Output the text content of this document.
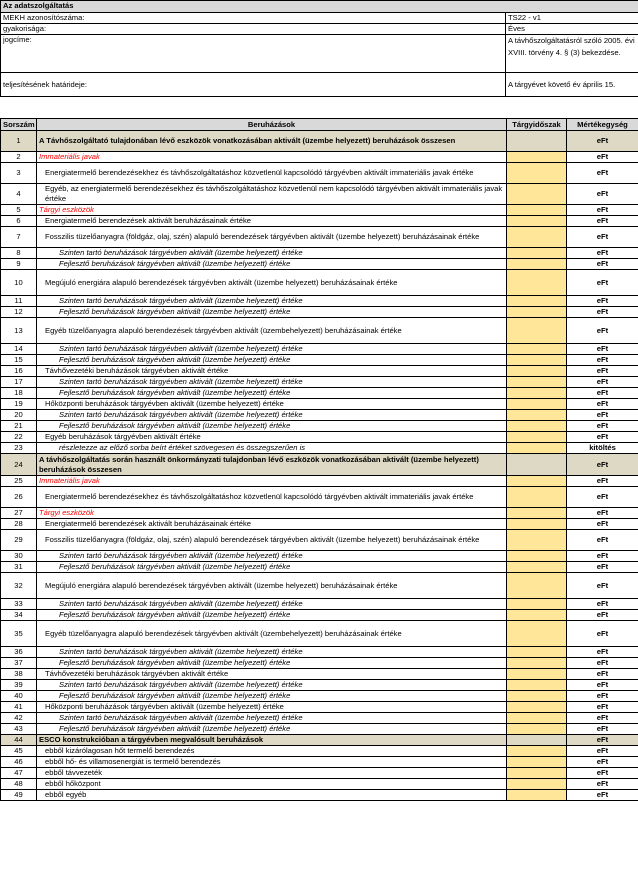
Az adatszolgáltatás	
MEKH azonosítószáma:	TS22 - v1
gyakorisága:	Éves
jogcíme:	A távhőszolgáltatásról szóló 2005. évi XVIII. törvény 4. § (3) bekezdése.
teljesítésének határideje:	A tárgyévet követő év április 15.
Sorszám	Beruházások	Tárgyidőszak	Mértékegység
1	A Távhőszolgáltató tulajdonában lévő eszközök vonatkozásában aktivált (üzembe helyezett) beruházások összesen		eFt
2	Immateriális javak		eFt
3	Energiatermelő berendezésekhez és távhőszolgáltatáshoz közvetlenül kapcsolódó tárgyévben aktivált immateriális javak értéke		eFt
4	Egyéb, az energiatermelő berendezésekhez és távhőszolgáltatáshoz közvetlenül nem kapcsolódó tárgyévben aktivált immateriális javak értéke		eFt
5	Tárgyi eszközök		eFt
6	Energiatermelő berendezések aktivált beruházásainak értéke		eFt
7	Fosszilis tüzelőanyagra (földgáz, olaj, szén) alapuló berendezések tárgyévben aktivált (üzembe helyezett) beruházásainak értéke		eFt
8	Szinten tartó beruházások tárgyévben aktivált (üzembe helyezett) értéke		eFt
9	Fejlesztő beruházások tárgyévben aktivált (üzembe helyezett) értéke		eFt
10	Megújuló energiára alapuló berendezések tárgyévben aktivált (üzembe helyezett) beruházásainak értéke		eFt
11	Szinten tartó beruházások tárgyévben aktivált (üzembe helyezett) értéke		eFt
12	Fejlesztő beruházások tárgyévben aktivált (üzembe helyezett) értéke		eFt
13	Egyéb tüzelőanyagra alapuló berendezések tárgyévben aktivált (üzembehelyezett) beruházásainak értéke		eFt
14	Szinten tartó beruházások tárgyévben aktivált (üzembe helyezett) értéke		eFt
15	Fejlesztő beruházások tárgyévben aktivált (üzembe helyezett) értéke		eFt
16	Távhővezetéki beruházások tárgyévben aktivált értéke		eFt
17	Szinten tartó beruházások tárgyévben aktivált (üzembe helyezett) értéke		eFt
18	Fejlesztő beruházások tárgyévben aktivált (üzembe helyezett) értéke		eFt
19	Hőközponti beruházások tárgyévben aktivált (üzembe helyezett) értéke		eFt
20	Szinten tartó beruházások tárgyévben aktivált (üzembe helyezett) értéke		eFt
21	Fejlesztő beruházások tárgyévben aktivált (üzembe helyezett) értéke		eFt
22	Egyéb beruházások tárgyévben aktivált értéke		eFt
23	részletezze az előző sorba beírt értéket szövegesen és összegszerűen is		kitöltés
24	A távhőszolgáltatás során használt önkormányzati tulajdonban lévő eszközök vonatkozásában aktivált (üzembe helyezett) beruházások összesen		eFt
25	Immateriális javak		eFt
26	Energiatermelő berendezésekhez és távhőszolgáltatáshoz közvetlenül kapcsolódó tárgyévben aktivált immateriális javak értéke		eFt
27	Tárgyi eszközök		eFt
28	Energiatermelő berendezések aktivált beruházásainak értéke		eFt
29	Fosszilis tüzelőanyagra (földgáz, olaj, szén) alapuló berendezések tárgyévben aktivált (üzembe helyezett) beruházásainak értéke		eFt
30	Szinten tartó beruházások tárgyévben aktivált (üzembe helyezett) értéke		eFt
31	Fejlesztő beruházások tárgyévben aktivált (üzembe helyezett) értéke		eFt
32	Megújuló energiára alapuló berendezések tárgyévben aktivált (üzembe helyezett) beruházásainak értéke		eFt
33	Szinten tartó beruházások tárgyévben aktivált (üzembe helyezett) értéke		eFt
34	Fejlesztő beruházások tárgyévben aktivált (üzembe helyezett) értéke		eFt
35	Egyéb tüzelőanyagra alapuló berendezések tárgyévben aktivált (üzembehelyezett) beruházásainak értéke		eFt
36	Szinten tartó beruházások tárgyévben aktivált (üzembe helyezett) értéke		eFt
37	Fejlesztő beruházások tárgyévben aktivált (üzembe helyezett) értéke		eFt
38	Távhővezetéki beruházások tárgyévben aktivált értéke		eFt
39	Szinten tartó beruházások tárgyévben aktivált (üzembe helyezett) értéke		eFt
40	Fejlesztő beruházások tárgyévben aktivált (üzembe helyezett) értéke		eFt
41	Hőközponti beruházások tárgyévben aktivált (üzembe helyezett) értéke		eFt
42	Szinten tartó beruházások tárgyévben aktivált (üzembe helyezett) értéke		eFt
43	Fejlesztő beruházások tárgyévben aktivált (üzembe helyezett) értéke		eFt
44	ESCO konstrukcióban a tárgyévben megvalósult beruházások		eFt
45	ebből kizárólagosan hőt termelő berendezés		eFt
46	ebből hő- és villamosenergiát is termelő berendezés		eFt
47	ebből távvezeték		eFt
48	ebből hőközpont		eFt
49	ebből egyéb		eFt
